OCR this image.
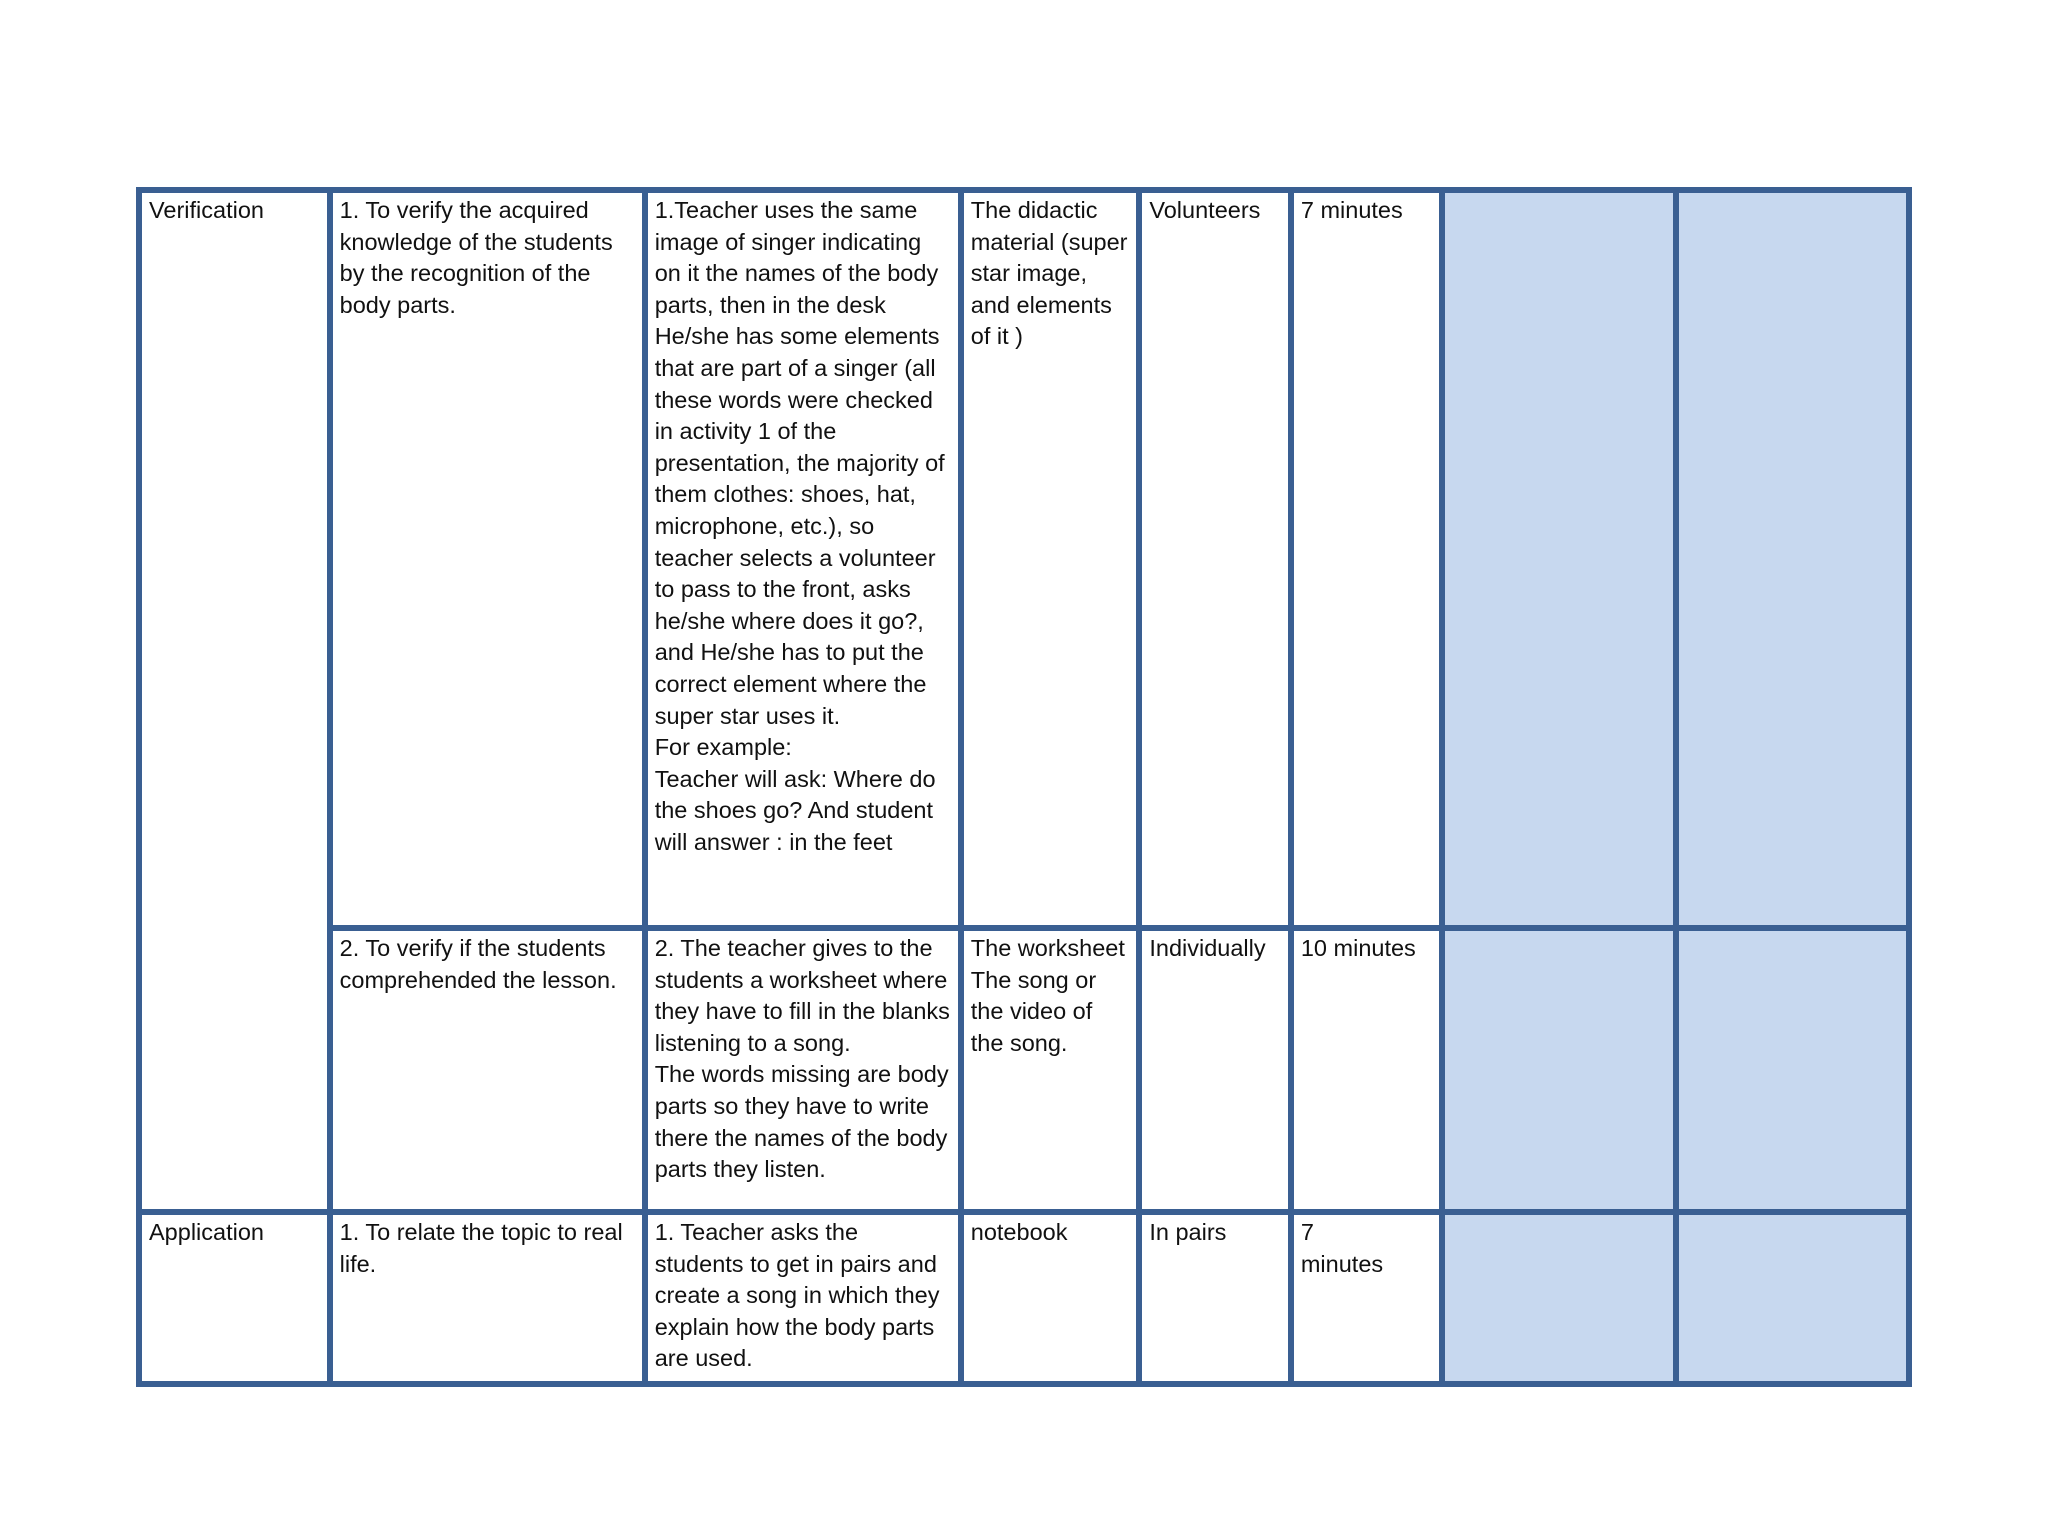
Verification	1. To verify the acquired knowledge of the students by the recognition of the body parts.	1.Teacher uses the same image of singer indicating on it the names of the body parts, then in the desk He/she has some elements that are part of a singer (all these words were checked in activity 1 of the presentation, the majority of them clothes: shoes, hat, microphone, etc.), so teacher selects a volunteer to pass to the front, asks he/she where does it go?, and He/she has to put the correct element where the super star uses it.
For example:
Teacher will ask: Where do the shoes go? And student will answer : in the feet	The didactic material (super star image, and elements of it )	Volunteers	7 minutes		

	2. To verify if the students comprehended the lesson.	2. The teacher gives to the students a worksheet where they have to fill in the blanks listening to a song.
The words missing are body parts so they have to write there the names of the body parts they listen.	The worksheet The song or the video of the song.	Individually	10 minutes		

Application	1. To relate the topic to real life.	1. Teacher asks the students to get in pairs and create a song in which they explain how the body parts are used.	notebook	In pairs	7
minutes		
